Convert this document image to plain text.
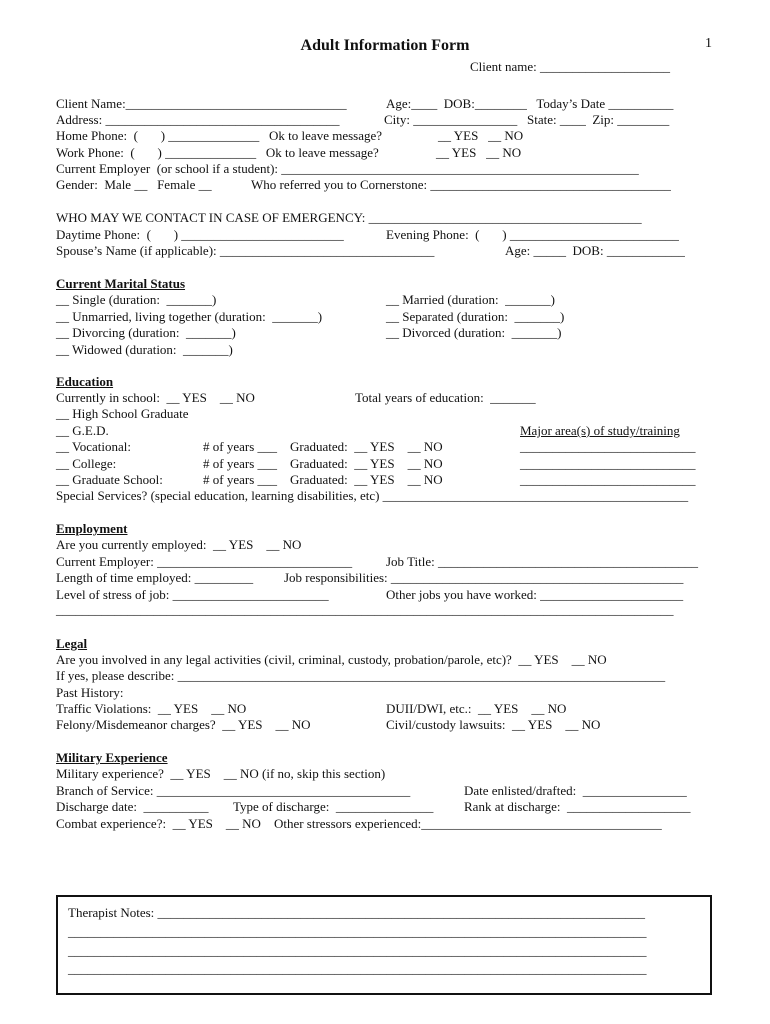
Adult Information Form	1
Client name: ____________________
Client Name:__________________________________	Age:____  DOB:________   Today’s Date __________
Address: ____________________________________	City: ________________   State: ____  Zip: ________
Home Phone:  (       ) ______________   Ok to leave message?	__ YES   __ NO
Work Phone:  (       ) ______________   Ok to leave message?	__ YES   __ NO
Current Employer  (or school if a student): _______________________________________________________
Gender:  Male __   Female __	Who referred you to Cornerstone: _____________________________________
WHO MAY WE CONTACT IN CASE OF EMERGENCY: __________________________________________
Daytime Phone:  (       ) _________________________	Evening Phone:  (       ) __________________________
Spouse’s Name (if applicable): _________________________________	Age: _____  DOB: ____________
Current Marital Status
__ Single (duration:  _______)	__ Married (duration:  _______)
__ Unmarried, living together (duration:  _______)	__ Separated (duration:  _______)
__ Divorcing (duration:  _______)	__ Divorced (duration:  _______)
__ Widowed (duration:  _______)
Education
Currently in school:  __ YES    __ NO	Total years of education:  _______
__ High School Graduate
__ G.E.D.	Major area(s) of study/training
__ Vocational:	# of years ___    Graduated:  __ YES    __ NO	___________________________
__ College:	# of years ___    Graduated:  __ YES    __ NO	___________________________
__ Graduate School:	# of years ___    Graduated:  __ YES    __ NO	___________________________
Special Services? (special education, learning disabilities, etc) _______________________________________________
Employment
Are you currently employed:  __ YES    __ NO
Current Employer: ______________________________	Job Title: ________________________________________
Length of time employed: _________ Job responsibilities: _____________________________________________
Level of stress of job: ________________________	Other jobs you have worked: ______________________
_______________________________________________________________________________________________
Legal
Are you involved in any legal activities (civil, criminal, custody, probation/parole, etc)?  __ YES    __ NO
If yes, please describe: ___________________________________________________________________________
Past History:
Traffic Violations:  __ YES    __ NO	DUII/DWI, etc.:  __ YES    __ NO
Felony/Misdemeanor charges?  __ YES    __ NO	Civil/custody lawsuits:  __ YES    __ NO
Military Experience
Military experience?  __ YES    __ NO (if no, skip this section)
Branch of Service: _______________________________________	Date enlisted/drafted:  ________________
Discharge date:  __________ Type of discharge:  _______________ Rank at discharge:  ___________________
Combat experience?:  __ YES    __ NO    Other stressors experienced:_____________________________________
Therapist Notes: ___________________________________________________________________________
_________________________________________________________________________________________
_________________________________________________________________________________________
_________________________________________________________________________________________
